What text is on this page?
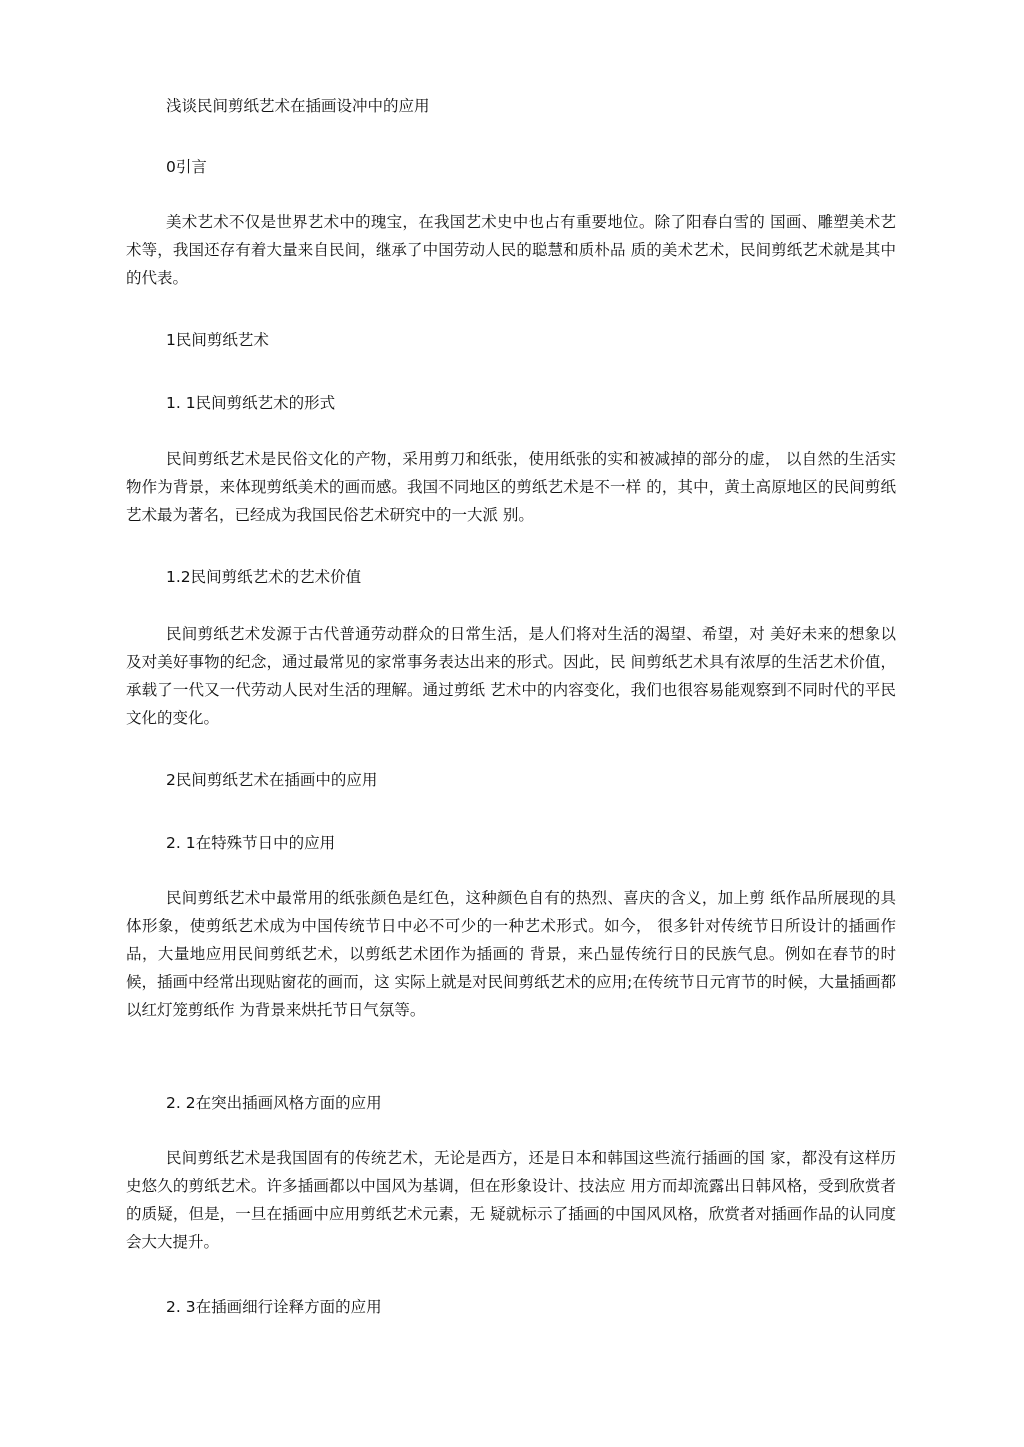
浅谈民间剪纸艺术在插画设冲中的应用
0引言

美术艺术不仅是世界艺术中的瑰宝，在我国艺术史中也占有重要地位。除了阳春白雪的 国画、雕塑美术艺术等，我国还存有着大量来自民间，继承了中国劳动人民的聪慧和质朴品 质的美术艺术，民间剪纸艺术就是其中的代表。

1民间剪纸艺术
1. 1民间剪纸艺术的形式

民间剪纸艺术是民俗文化的产物，采用剪刀和纸张，使用纸张的实和被减掉的部分的虚， 以自然的生活实物作为背景，来体现剪纸美术的画而感。我国不同地区的剪纸艺术是不一样 的，其中，黄土高原地区的民间剪纸艺术最为著名，已经成为我国民俗艺术研究中的一大派 别。

1.2民间剪纸艺术的艺术价值

民间剪纸艺术发源于古代普通劳动群众的日常生活，是人们将对生活的渴望、希望，对 美好未来的想象以及对美好事物的纪念，通过最常见的家常事务表达出来的形式。因此，民 间剪纸艺术具有浓厚的生活艺术价值，承载了一代又一代劳动人民对生活的理解。通过剪纸 艺术中的内容变化，我们也很容易能观察到不同时代的平民文化的变化。

2民间剪纸艺术在插画中的应用
2. 1在特殊节日中的应用

民间剪纸艺术中最常用的纸张颜色是红色，这种颜色自有的热烈、喜庆的含义，加上剪 纸作品所展现的具体形象，使剪纸艺术成为中国传统节日中必不可少的一种艺术形式。如今， 很多针对传统节日所设计的插画作品，大量地应用民间剪纸艺术，以剪纸艺术团作为插画的 背景，来凸显传统行日的民族气息。例如在春节的时候，插画中经常出现贴窗花的画而，这 实际上就是对民间剪纸艺术的应用;在传统节日元宵节的时候，大量插画都以红灯笼剪纸作 为背景来烘托节日气氛等。

2. 2在突出插画风格方面的应用

民间剪纸艺术是我国固有的传统艺术，无论是西方，还是日本和韩国这些流行插画的国 家，都没有这样历史悠久的剪纸艺术。许多插画都以中国风为基调，但在形象设计、技法应 用方而却流露出日韩风格，受到欣赏者的质疑，但是，一旦在插画中应用剪纸艺术元素，无 疑就标示了插画的中国风风格，欣赏者对插画作品的认同度会大大提升。

2. 3在插画细行诠释方面的应用
